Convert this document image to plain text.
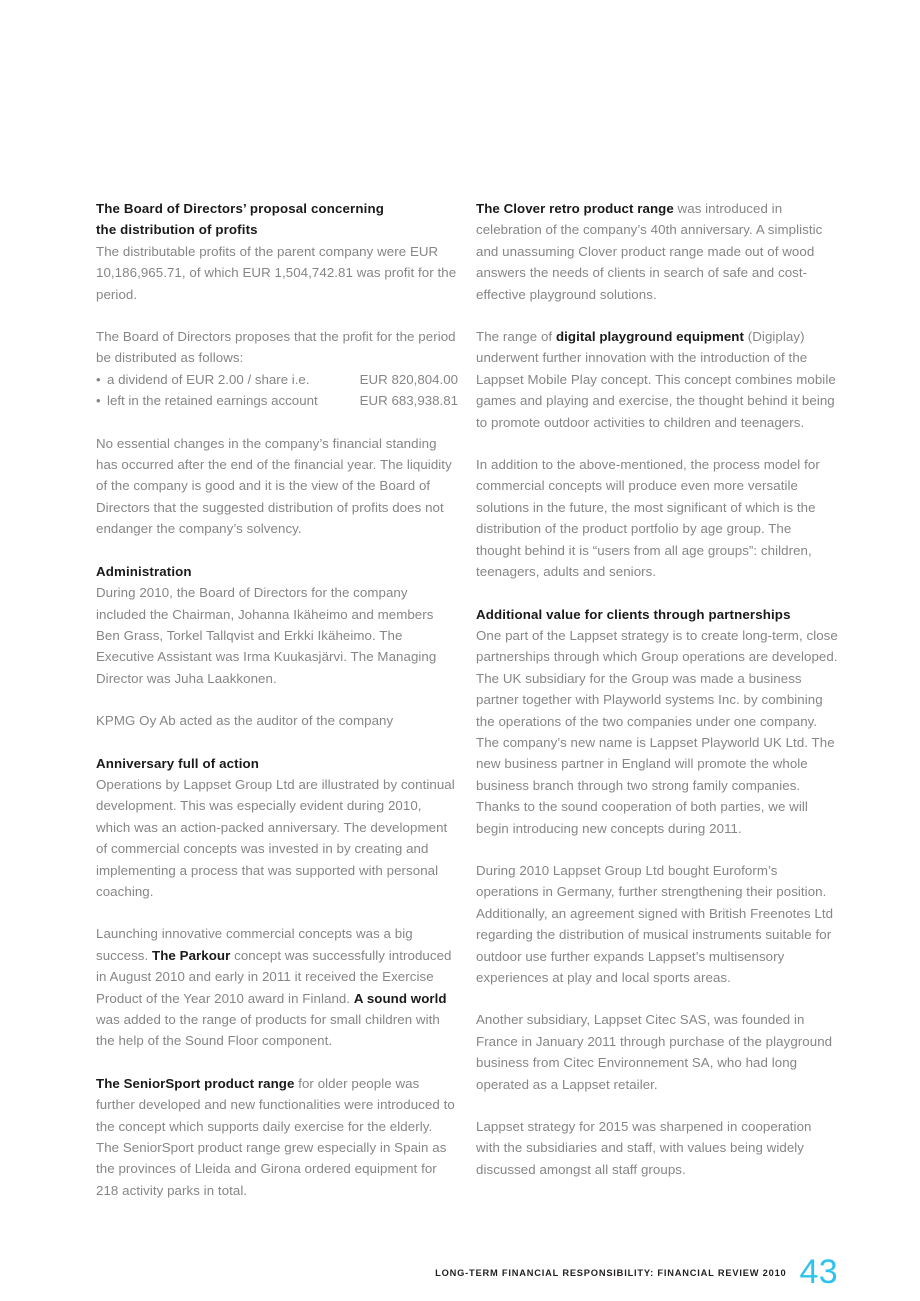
The Board of Directors’ proposal concerning
the distribution of profits

The distributable profits of the parent company were EUR 10,186,965.71, of which EUR 1,504,742.81 was profit for the period.

The Board of Directors proposes that the profit for the period be distributed as follows:

• a dividend of EUR 2.00 / share i.e.	EUR 820,804.00
• left in the retained earnings account	EUR 683,938.81

No essential changes in the company’s financial standing has occurred after the end of the financial year. The liquidity of the company is good and it is the view of the Board of Directors that the suggested distribution of profits does not endanger the company’s solvency.

Administration

During 2010, the Board of Directors for the company included the Chairman, Johanna Ikäheimo and members Ben Grass, Torkel Tallqvist and Erkki Ikäheimo. The Executive Assistant was Irma Kuukasjärvi. The Managing Director was Juha Laakkonen.

KPMG Oy Ab acted as the auditor of the company

Anniversary full of action

Operations by Lappset Group Ltd are illustrated by continual development. This was especially evident during 2010, which was an action-packed anniversary. The development of commercial concepts was invested in by creating and implementing a process that was supported with personal coaching.

Launching innovative commercial concepts was a big success. The Parkour concept was successfully introduced in August 2010 and early in 2011 it received the Exercise Product of the Year 2010 award in Finland. A sound world was added to the range of products for small children with the help of the Sound Floor component.

The SeniorSport product range for older people was further developed and new functionalities were introduced to the concept which supports daily exercise for the elderly. The SeniorSport product range grew especially in Spain as the provinces of Lleida and Girona ordered equipment for 218 activity parks in total.

The Clover retro product range was introduced in celebration of the company’s 40th anniversary. A simplistic and unassuming Clover product range made out of wood answers the needs of clients in search of safe and cost-effective playground solutions.

The range of digital playground equipment (Digiplay) underwent further innovation with the introduction of the Lappset Mobile Play concept. This concept combines mobile games and playing and exercise, the thought behind it being to promote outdoor activities to children and teenagers.

In addition to the above-mentioned, the process model for commercial concepts will produce even more versatile solutions in the future, the most significant of which is the distribution of the product portfolio by age group. The thought behind it is “users from all age groups”: children, teenagers, adults and seniors.

Additional value for clients through partnerships

One part of the Lappset strategy is to create long-term, close partnerships through which Group operations are developed. The UK subsidiary for the Group was made a business partner together with Playworld systems Inc. by combining the operations of the two companies under one company. The company’s new name is Lappset Playworld UK Ltd. The new business partner in England will promote the whole business branch through two strong family companies. Thanks to the sound cooperation of both parties, we will begin introducing new concepts during 2011.

During 2010 Lappset Group Ltd bought Euroform’s operations in Germany, further strengthening their position. Additionally, an agreement signed with British Freenotes Ltd regarding the distribution of musical instruments suitable for outdoor use further expands Lappset’s multisensory experiences at play and local sports areas.

Another subsidiary, Lappset Citec SAS, was founded in France in January 2011 through purchase of the playground business from Citec Environnement SA, who had long operated as a Lappset retailer.

Lappset strategy for 2015 was sharpened in cooperation with the subsidiaries and staff, with values being widely discussed amongst all staff groups.

LONG-TERM FINANCIAL RESPONSIBILITY: FINANCIAL REVIEW 2010 43
